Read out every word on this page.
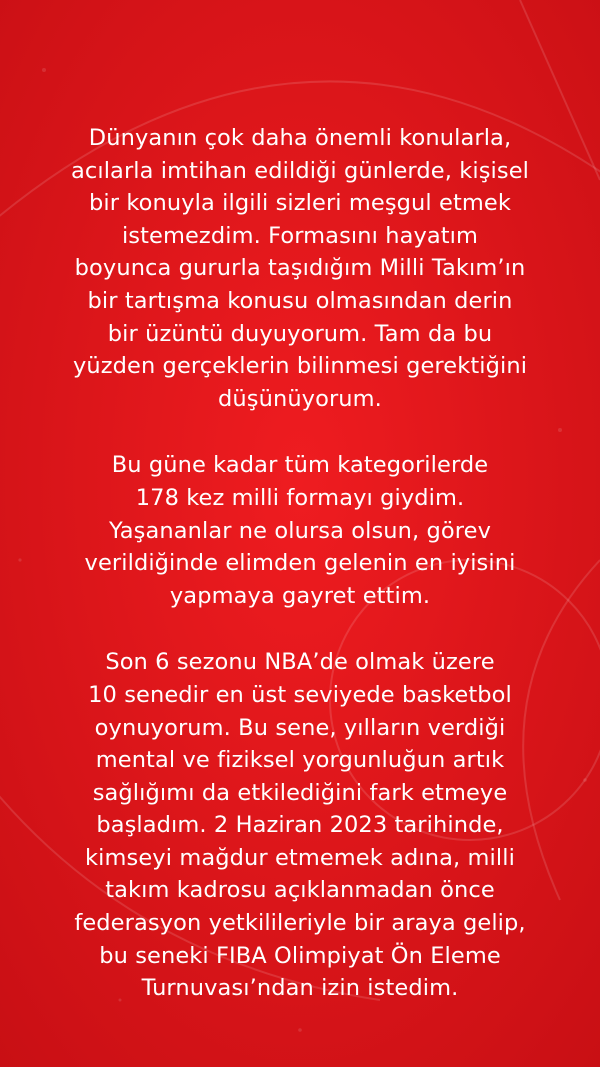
Dünyanın çok daha önemli konularla,
acılarla imtihan edildiği günlerde, kişisel
bir konuyla ilgili sizleri meşgul etmek
istemezdim. Formasını hayatım
boyunca gururla taşıdığım Milli Takım’ın
bir tartışma konusu olmasından derin
bir üzüntü duyuyorum. Tam da bu
yüzden gerçeklerin bilinmesi gerektiğini
düşünüyorum.

Bu güne kadar tüm kategorilerde
178 kez milli formayı giydim.
Yaşananlar ne olursa olsun, görev
verildiğinde elimden gelenin en iyisini
yapmaya gayret ettim.

Son 6 sezonu NBA’de olmak üzere
10 senedir en üst seviyede basketbol
oynuyorum. Bu sene, yılların verdiği
mental ve fiziksel yorgunluğun artık
sağlığımı da etkilediğini fark etmeye
başladım. 2 Haziran 2023 tarihinde,
kimseyi mağdur etmemek adına, milli
takım kadrosu açıklanmadan önce
federasyon yetkilileriyle bir araya gelip,
bu seneki FIBA Olimpiyat Ön Eleme
Turnuvası’ndan izin istedim.
